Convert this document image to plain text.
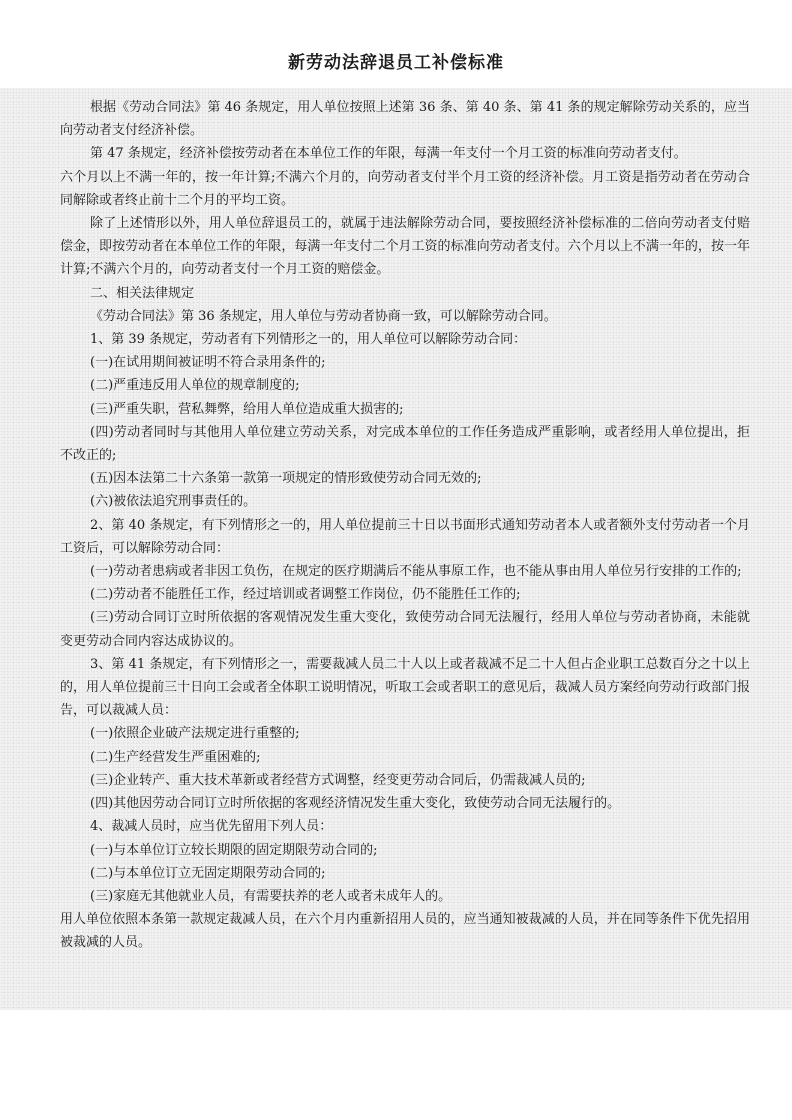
新劳动法辞退员工补偿标准

根据《劳动合同法》第 46 条规定，用人单位按照上述第 36 条、第 40 条、第 41 条的规定解除劳动关系的，应当向劳动者支付经济补偿。

第 47 条规定，经济补偿按劳动者在本单位工作的年限，每满一年支付一个月工资的标准向劳动者支付。

六个月以上不满一年的，按一年计算;不满六个月的，向劳动者支付半个月工资的经济补偿。月工资是指劳动者在劳动合同解除或者终止前十二个月的平均工资。

除了上述情形以外，用人单位辞退员工的，就属于违法解除劳动合同，要按照经济补偿标准的二倍向劳动者支付赔偿金，即按劳动者在本单位工作的年限，每满一年支付二个月工资的标准向劳动者支付。六个月以上不满一年的，按一年计算;不满六个月的，向劳动者支付一个月工资的赔偿金。

二、相关法律规定

《劳动合同法》第 36 条规定，用人单位与劳动者协商一致，可以解除劳动合同。

1、第 39 条规定，劳动者有下列情形之一的，用人单位可以解除劳动合同：

(一)在试用期间被证明不符合录用条件的;

(二)严重违反用人单位的规章制度的;

(三)严重失职，营私舞弊，给用人单位造成重大损害的;

(四)劳动者同时与其他用人单位建立劳动关系，对完成本单位的工作任务造成严重影响，或者经用人单位提出，拒不改正的;

(五)因本法第二十六条第一款第一项规定的情形致使劳动合同无效的;

(六)被依法追究刑事责任的。

2、第 40 条规定，有下列情形之一的，用人单位提前三十日以书面形式通知劳动者本人或者额外支付劳动者一个月工资后，可以解除劳动合同：

(一)劳动者患病或者非因工负伤，在规定的医疗期满后不能从事原工作，也不能从事由用人单位另行安排的工作的;

(二)劳动者不能胜任工作，经过培训或者调整工作岗位，仍不能胜任工作的;

(三)劳动合同订立时所依据的客观情况发生重大变化，致使劳动合同无法履行，经用人单位与劳动者协商，未能就变更劳动合同内容达成协议的。

3、第 41 条规定，有下列情形之一，需要裁减人员二十人以上或者裁减不足二十人但占企业职工总数百分之十以上的，用人单位提前三十日向工会或者全体职工说明情况，听取工会或者职工的意见后，裁减人员方案经向劳动行政部门报告，可以裁减人员：

(一)依照企业破产法规定进行重整的;

(二)生产经营发生严重困难的;

(三)企业转产、重大技术革新或者经营方式调整，经变更劳动合同后，仍需裁减人员的;

(四)其他因劳动合同订立时所依据的客观经济情况发生重大变化，致使劳动合同无法履行的。

4、裁减人员时，应当优先留用下列人员：

(一)与本单位订立较长期限的固定期限劳动合同的;

(二)与本单位订立无固定期限劳动合同的;

(三)家庭无其他就业人员，有需要扶养的老人或者未成年人的。

用人单位依照本条第一款规定裁减人员，在六个月内重新招用人员的，应当通知被裁减的人员，并在同等条件下优先招用被裁减的人员。
